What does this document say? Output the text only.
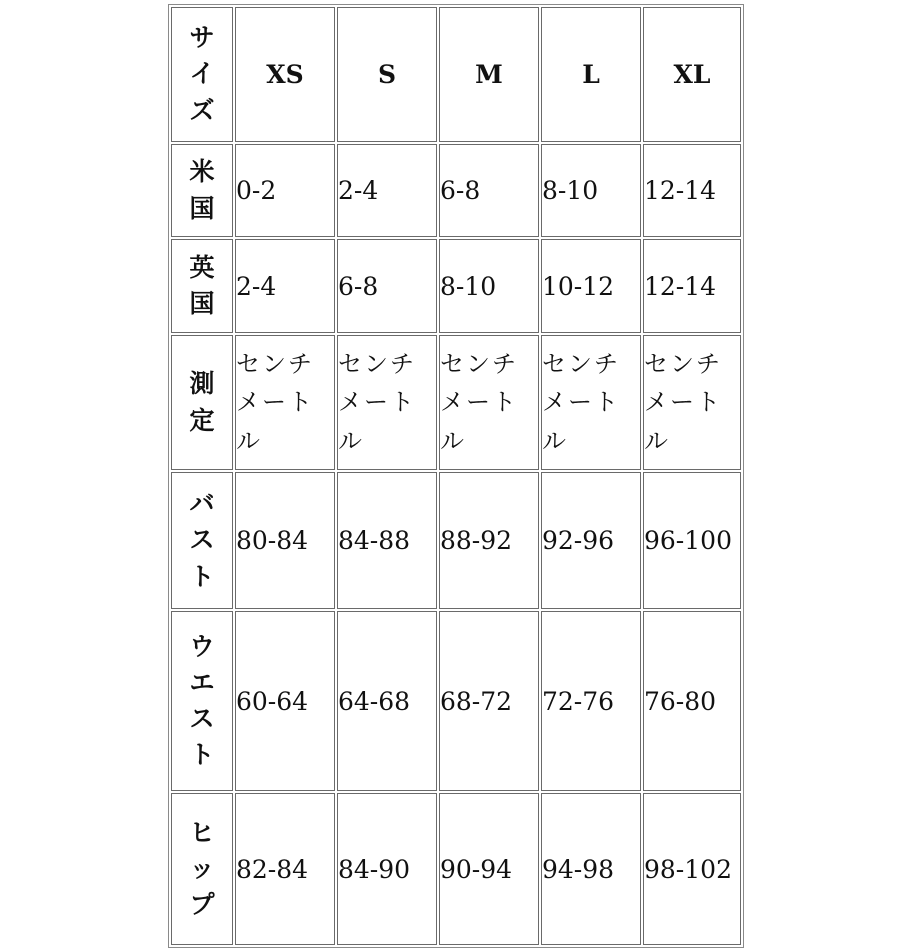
サイズ	XS	S	M	L	XL
米国	0-2	2-4	6-8	8-10	12-14
英国	2-4	6-8	8-10	10-12	12-14
測定	センチメートル	センチメートル	センチメートル	センチメートル	センチメートル

バスト	80-84	84-88	88-92	92-96	96-100
ウエスト	60-64	64-68	68-72	72-76	76-80
ヒップ	82-84	84-90	90-94	94-98	98-102
